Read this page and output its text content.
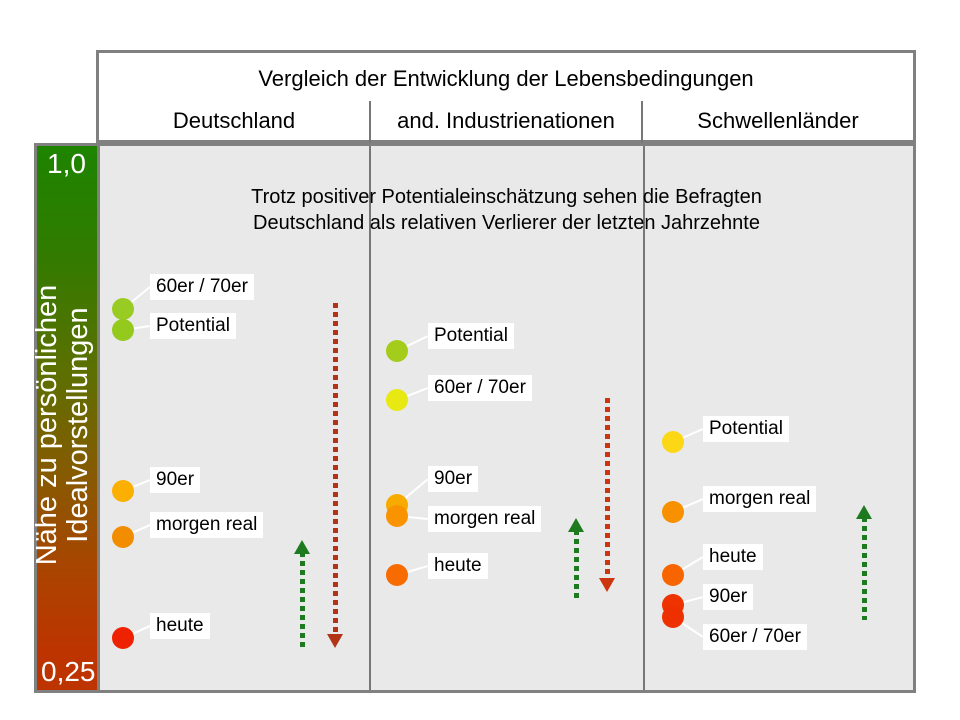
Vergleich der Entwicklung der Lebensbedingungen
Deutschland	and. Industrienationen	Schwellenländer
1,0
0,25
Nähe zu persönlichen Idealvorstellungen
Trotz positiver Potentialeinschätzung sehen die Befragten
Deutschland als relativen Verlierer der letzten Jahrzehnte
60er / 70er
Potential
90er
morgen real
heute
Potential
60er / 70er
90er
morgen real
heute
Potential
morgen real
heute
90er
60er / 70er
